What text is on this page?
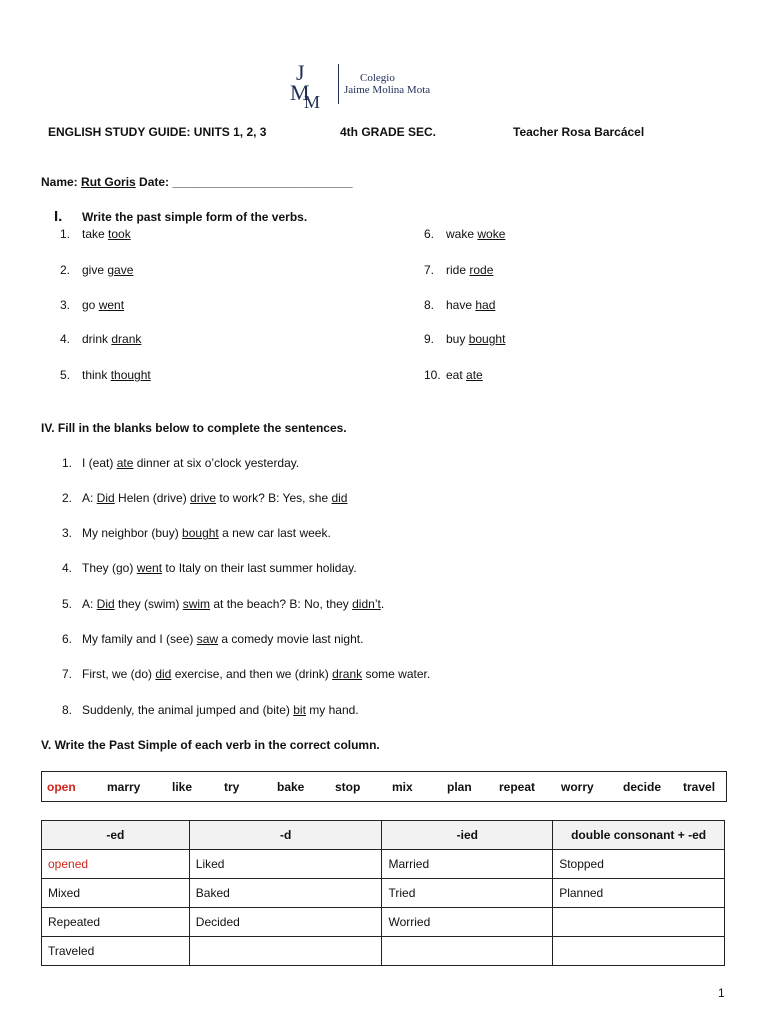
J
M
M
Colegio
Jaime Molina Mota
ENGLISH STUDY GUIDE: UNITS 1, 2, 3	4th GRADE SEC.	Teacher Rosa Barcácel
Name: Rut Goris Date: ___________________________
I. Write the past simple form of the verbs.
1. take took
2. give gave
3. go went
4. drink drank
5. think thought
6. wake woke
7. ride rode
8. have had
9. buy bought
10. eat ate
IV. Fill in the blanks below to complete the sentences.
1. I (eat) ate dinner at six o’clock yesterday.
2. A: Did Helen (drive) drive to work? B: Yes, she did
3. My neighbor (buy) bought a new car last week.
4. They (go) went to Italy on their last summer holiday.
5. A: Did they (swim) swim at the beach? B: No, they didn’t.
6. My family and I (see) saw a comedy movie last night.
7. First, we (do) did exercise, and then we (drink) drank some water.
8. Suddenly, the animal jumped and (bite) bit my hand.
V. Write the Past Simple of each verb in the correct column.
open	marry	like	try	bake	stop	mix	plan repeat worry decide travel
-ed	-d	-ied	double consonant + -ed
opened	Liked	Married	Stopped
Mixed	Baked	Tried	Planned
Repeated	Decided	Worried	
Traveled			
1
